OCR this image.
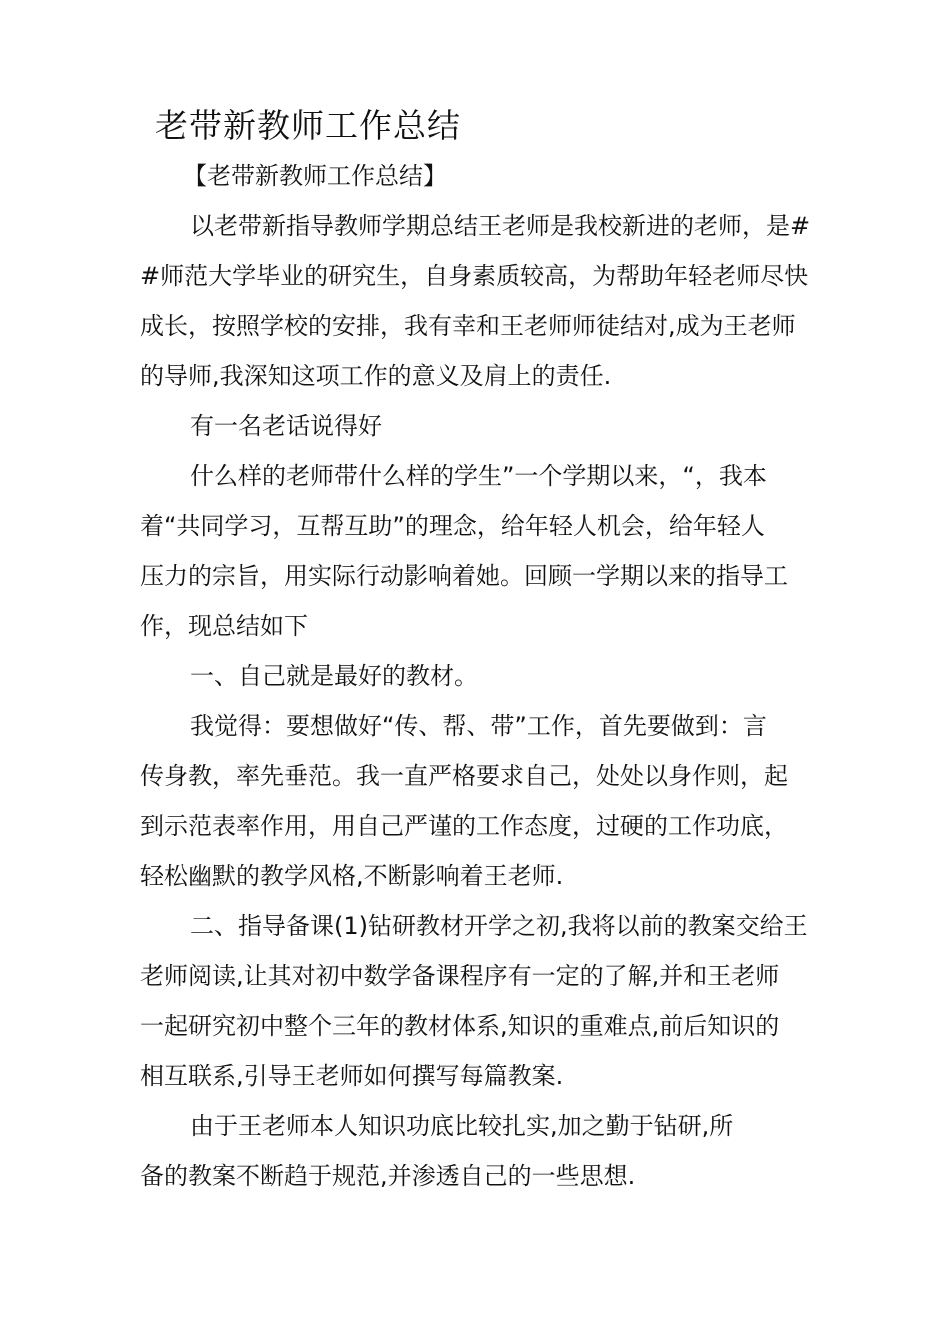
老带新教师工作总结
【老带新教师工作总结】
以老带新指导教师学期总结王老师是我校新进的老师，是#
#师范大学毕业的研究生，自身素质较高，为帮助年轻老师尽快
成长，按照学校的安排，我有幸和王老师师徒结对,成为王老师
的导师,我深知这项工作的意义及肩上的责任.
有一名老话说得好
什么样的老师带什么样的学生”一个学期以来，“，我本
着“共同学习，互帮互助”的理念，给年轻人机会，给年轻人
压力的宗旨，用实际行动影响着她。回顾一学期以来的指导工
作，现总结如下
一、自己就是最好的教材。
我觉得：要想做好“传、帮、带”工作，首先要做到：言
传身教，率先垂范。我一直严格要求自己，处处以身作则，起
到示范表率作用，用自己严谨的工作态度，过硬的工作功底，
轻松幽默的教学风格,不断影响着王老师.
二、指导备课(1)钻研教材开学之初,我将以前的教案交给王
老师阅读,让其对初中数学备课程序有一定的了解,并和王老师
一起研究初中整个三年的教材体系,知识的重难点,前后知识的
相互联系,引导王老师如何撰写每篇教案.
由于王老师本人知识功底比较扎实,加之勤于钻研,所
备的教案不断趋于规范,并渗透自己的一些思想.
